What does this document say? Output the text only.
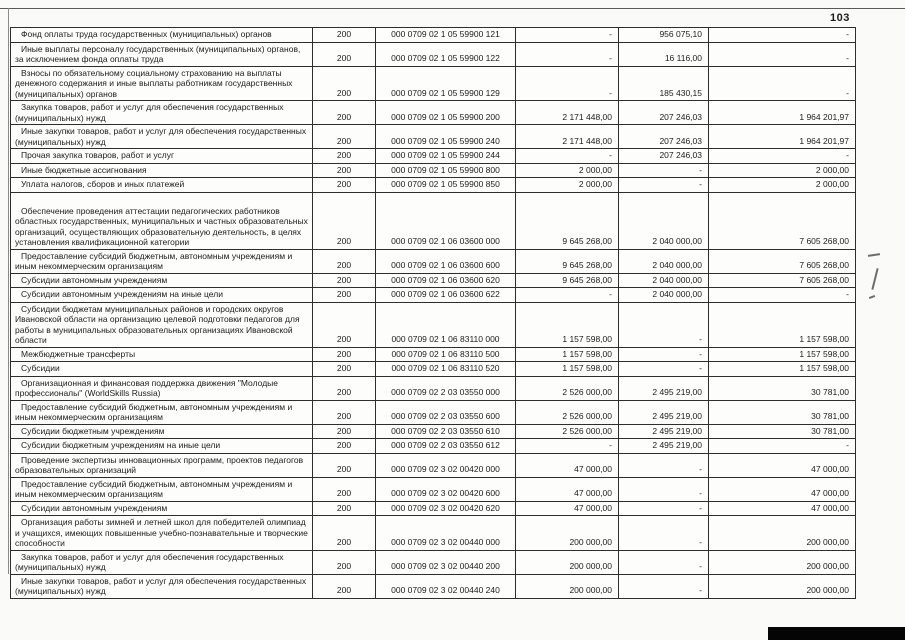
103
Фонд оплаты труда государственных (муниципальных) органов	200	000 0709 02 1 05 59900 121	-	956 075,10	-
Иные выплаты персоналу государственных (муниципальных) органов, за исключением фонда оплаты труда	200	000 0709 02 1 05 59900 122	-	16 116,00	-
Взносы по обязательному социальному страхованию на выплаты денежного содержания и иные выплаты работникам государственных (муниципальных) органов	200	000 0709 02 1 05 59900 129	-	185 430,15	-
Закупка товаров, работ и услуг для обеспечения государственных (муниципальных) нужд	200	000 0709 02 1 05 59900 200	2 171 448,00	207 246,03	1 964 201,97
Иные закупки товаров, работ и услуг для обеспечения государственных (муниципальных) нужд	200	000 0709 02 1 05 59900 240	2 171 448,00	207 246,03	1 964 201,97
Прочая закупка товаров, работ и услуг	200	000 0709 02 1 05 59900 244	-	207 246,03	-
Иные бюджетные ассигнования	200	000 0709 02 1 05 59900 800	2 000,00	-	2 000,00
Уплата налогов, сборов и иных платежей	200	000 0709 02 1 05 59900 850	2 000,00	-	2 000,00
Обеспечение проведения аттестации педагогических работников областных государственных, муниципальных и частных образовательных организаций, осуществляющих образовательную деятельность, в целях установления квалификационной категории	200	000 0709 02 1 06 03600 000	9 645 268,00	2 040 000,00	7 605 268,00
Предоставление субсидий бюджетным, автономным учреждениям и иным некоммерческим организациям	200	000 0709 02 1 06 03600 600	9 645 268,00	2 040 000,00	7 605 268,00
Субсидии автономным учреждениям	200	000 0709 02 1 06 03600 620	9 645 268,00	2 040 000,00	7 605 268,00
Субсидии автономным учреждениям на иные цели	200	000 0709 02 1 06 03600 622	-	2 040 000,00	-
Субсидии бюджетам муниципальных районов и городских округов Ивановской области на организацию целевой подготовки педагогов для работы в муниципальных образовательных организациях Ивановской области	200	000 0709 02 1 06 83110 000	1 157 598,00	-	1 157 598,00
Межбюджетные трансферты	200	000 0709 02 1 06 83110 500	1 157 598,00	-	1 157 598,00
Субсидии	200	000 0709 02 1 06 83110 520	1 157 598,00	-	1 157 598,00
Организационная и финансовая поддержка движения "Молодые профессионалы" (WorldSkills Russia)	200	000 0709 02 2 03 03550 000	2 526 000,00	2 495 219,00	30 781,00
Предоставление субсидий бюджетным, автономным учреждениям и иным некоммерческим организациям	200	000 0709 02 2 03 03550 600	2 526 000,00	2 495 219,00	30 781,00
Субсидии бюджетным учреждениям	200	000 0709 02 2 03 03550 610	2 526 000,00	2 495 219,00	30 781,00
Субсидии бюджетным учреждениям на иные цели	200	000 0709 02 2 03 03550 612	-	2 495 219,00	-
Проведение экспертизы инновационных программ, проектов педагогов образовательных организаций	200	000 0709 02 3 02 00420 000	47 000,00	-	47 000,00
Предоставление субсидий бюджетным, автономным учреждениям и иным некоммерческим организациям	200	000 0709 02 3 02 00420 600	47 000,00	-	47 000,00
Субсидии автономным учреждениям	200	000 0709 02 3 02 00420 620	47 000,00	-	47 000,00
Организация работы зимней и летней школ для победителей олимпиад и учащихся, имеющих повышенные учебно-познавательные и творческие способности	200	000 0709 02 3 02 00440 000	200 000,00	-	200 000,00
Закупка товаров, работ и услуг для обеспечения государственных (муниципальных) нужд	200	000 0709 02 3 02 00440 200	200 000,00	-	200 000,00
Иные закупки товаров, работ и услуг для обеспечения государственных (муниципальных) нужд	200	000 0709 02 3 02 00440 240	200 000,00	-	200 000,00
